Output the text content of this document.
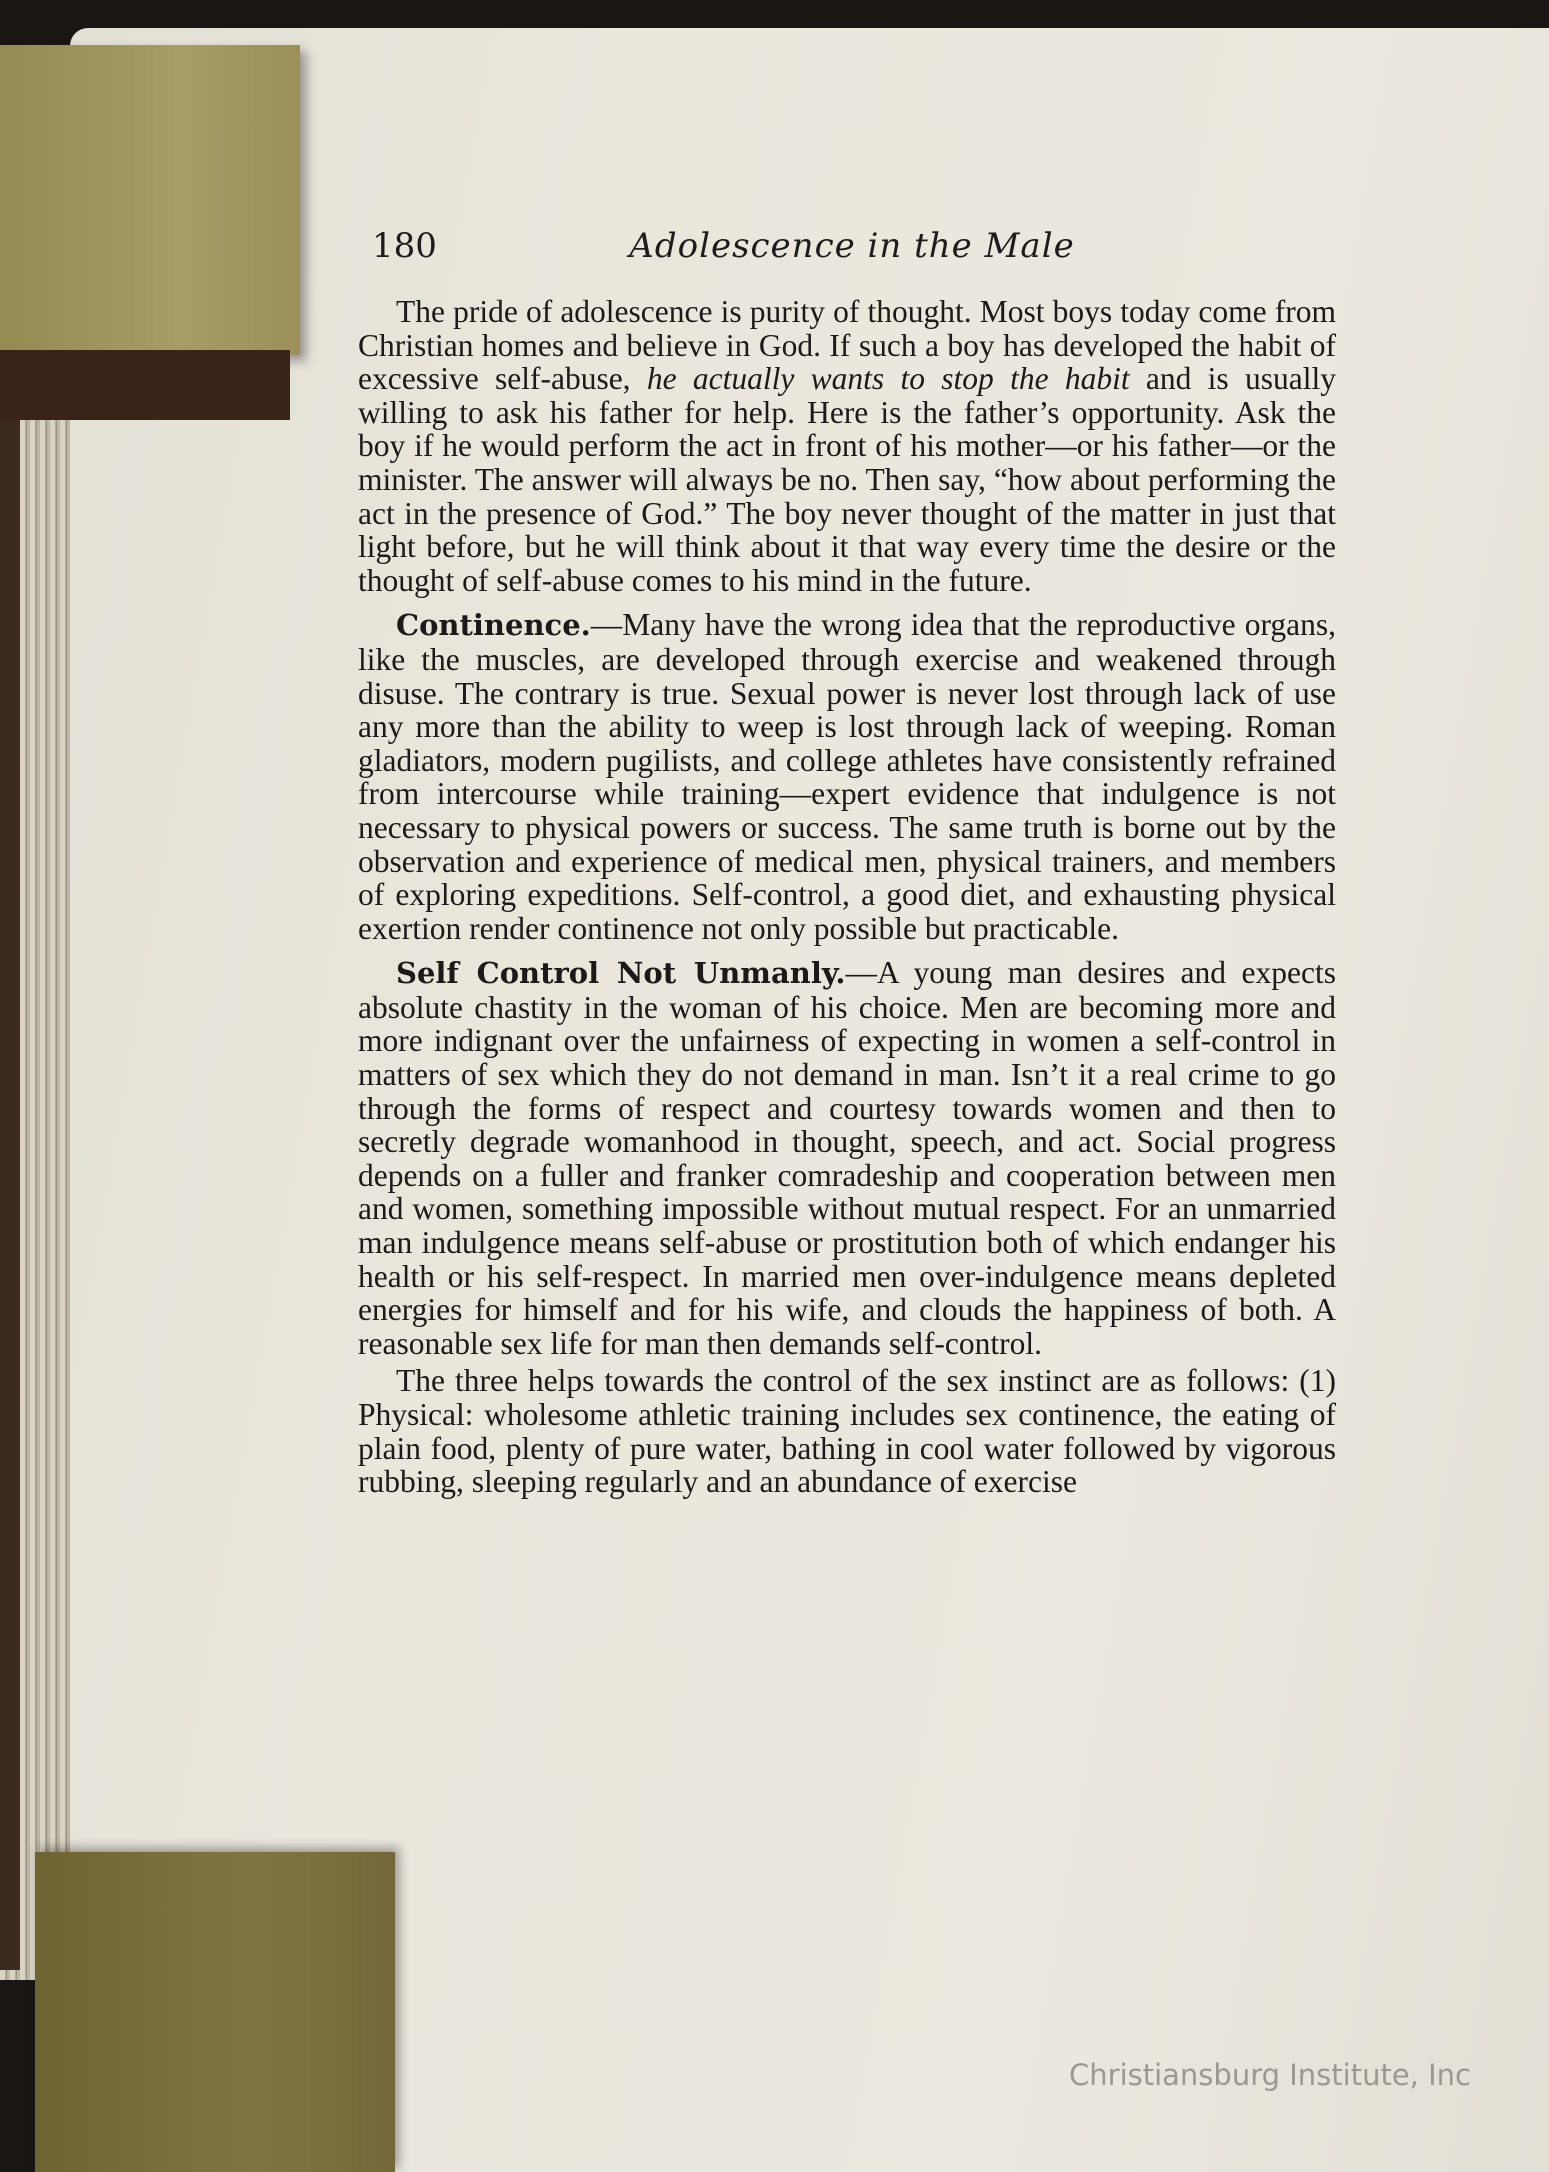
180	Adolescence in the Male

The pride of adolescence is purity of thought. Most boys today come from Christian homes and believe in God. If such a boy has developed the habit of excessive self-abuse, he actually wants to stop the habit and is usually willing to ask his father for help. Here is the father’s opportunity. Ask the boy if he would perform the act in front of his mother—or his father—or the minister. The answer will always be no. Then say, “how about performing the act in the presence of God.” The boy never thought of the matter in just that light before, but he will think about it that way every time the desire or the thought of self-abuse comes to his mind in the future.

Continence.—Many have the wrong idea that the reproductive organs, like the muscles, are developed through exercise and weakened through disuse. The contrary is true. Sexual power is never lost through lack of use any more than the ability to weep is lost through lack of weeping. Roman gladiators, modern pugilists, and college athletes have consistently refrained from intercourse while training—expert evidence that indulgence is not necessary to physical powers or success. The same truth is borne out by the observation and experience of medical men, physical trainers, and members of exploring expeditions. Self-control, a good diet, and exhausting physical exertion render continence not only possible but practicable.

Self Control Not Unmanly.—A young man desires and expects absolute chastity in the woman of his choice. Men are becoming more and more indignant over the unfairness of expecting in women a self-control in matters of sex which they do not demand in man. Isn’t it a real crime to go through the forms of respect and courtesy towards women and then to secretly degrade womanhood in thought, speech, and act. Social progress depends on a fuller and franker comradeship and cooperation between men and women, something impossible without mutual respect. For an unmarried man indulgence means self-abuse or prostitution both of which endanger his health or his self-respect. In married men over-indulgence means depleted energies for himself and for his wife, and clouds the happiness of both. A reasonable sex life for man then demands self-control.

The three helps towards the control of the sex instinct are as follows: (1) Physical: wholesome athletic training includes sex continence, the eating of plain food, plenty of pure water, bathing in cool water followed by vigorous rubbing, sleeping regularly and an abundance of exercise

Christiansburg Institute, Inc
